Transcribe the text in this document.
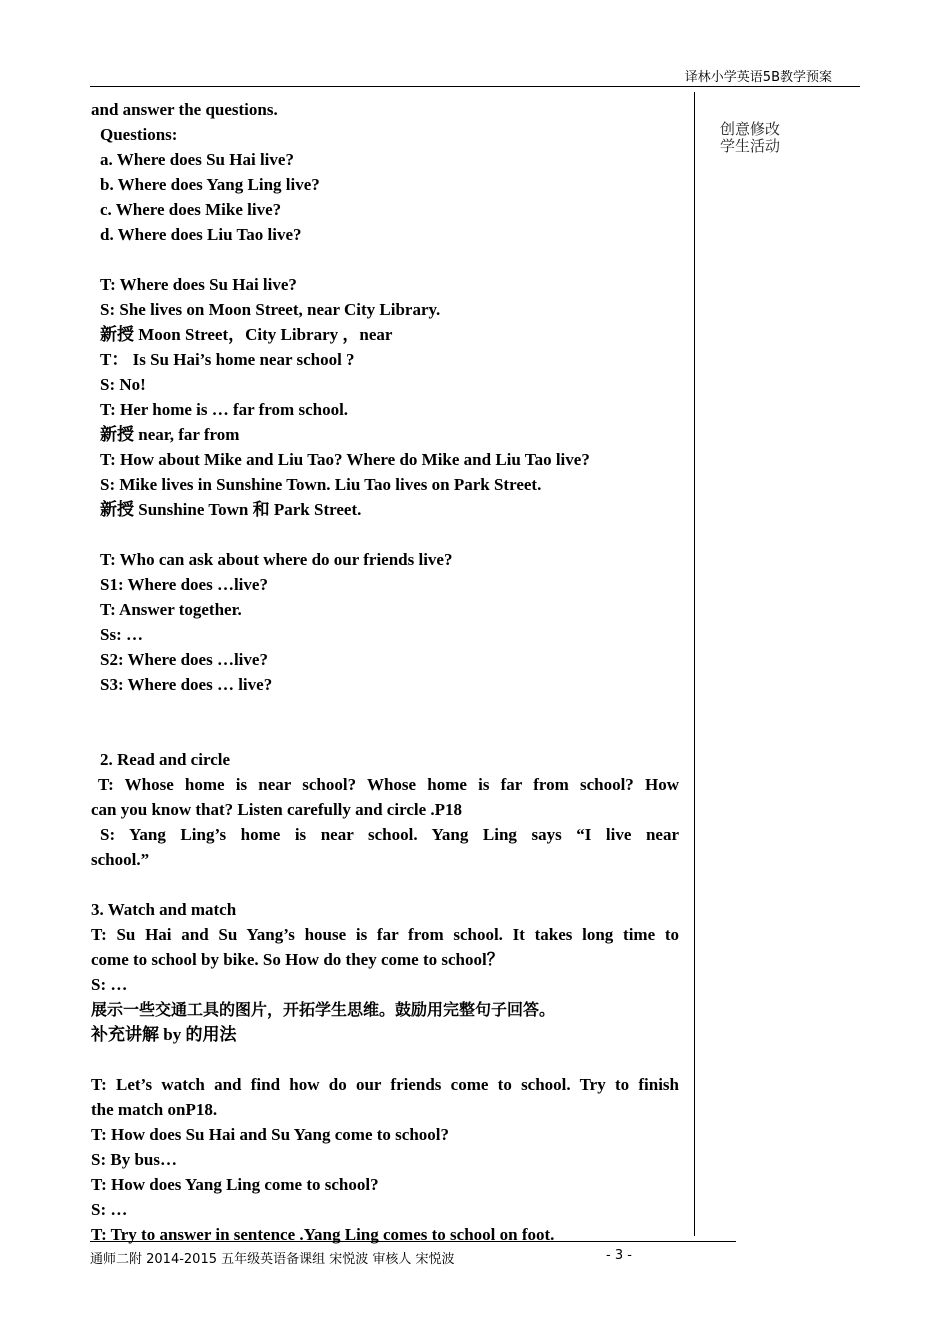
译林小学英语5B教学预案
创意修改
学生活动
and answer the questions.
Questions:
a. Where does Su Hai live?
b. Where does Yang Ling live?
c. Where does Mike live?
d. Where does Liu Tao live?
T: Where does Su Hai live?
S: She lives on Moon Street, near City Library.
新授 Moon Street，City Library ，near
T： Is Su Hai’s home near school ?
S: No!
T: Her home is … far from school.
新授 near, far from
T: How about Mike and Liu Tao? Where do Mike and Liu Tao live?
S: Mike lives in Sunshine Town. Liu Tao lives on Park Street.
新授 Sunshine Town 和 Park Street.
T: Who can ask about where do our friends live?
S1: Where does …live?
T: Answer together.
Ss: …
S2: Where does …live?
S3: Where does … live?
2. Read and circle
T: Whose home is near school? Whose home is far from school? How
can you know that? Listen carefully and circle .P18
S: Yang Ling’s home is near school. Yang Ling says “I live near
school.”
3. Watch and match
T: Su Hai and Su Yang’s house is far from school. It takes long time to
come to school by bike. So How do they come to school？
S: …
展示一些交通工具的图片，开拓学生思维。鼓励用完整句子回答。
补充讲解 by 的用法
T: Let’s watch and find how do our friends come to school. Try to finish
the match onP18.
T: How does Su Hai and Su Yang come to school?
S: By bus…
T: How does Yang Ling come to school?
S: …
T: Try to answer in sentence .Yang Ling comes to school on foot.
通师二附 2014-2015 五年级英语备课组 宋悦波 审核人 宋悦波	- 3 -
